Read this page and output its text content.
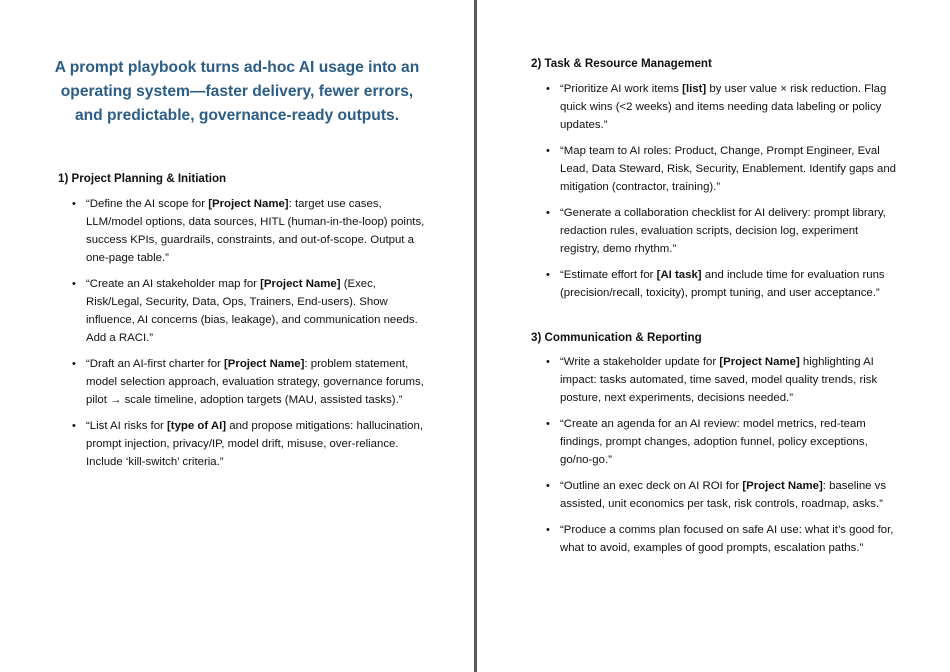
A prompt playbook turns ad-hoc AI usage into an operating system—faster delivery, fewer errors, and predictable, governance-ready outputs.
1) Project Planning & Initiation
• “Define the AI scope for [Project Name]: target use cases, LLM/model options, data sources, HITL (human-in-the-loop) points, success KPIs, guardrails, constraints, and out-of-scope. Output a one-page table.”
• “Create an AI stakeholder map for [Project Name] (Exec, Risk/Legal, Security, Data, Ops, Trainers, End-users). Show influence, AI concerns (bias, leakage), and communication needs. Add a RACI.”
• “Draft an AI-first charter for [Project Name]: problem statement, model selection approach, evaluation strategy, governance forums, pilot → scale timeline, adoption targets (MAU, assisted tasks).”
• “List AI risks for [type of AI] and propose mitigations: hallucination, prompt injection, privacy/IP, model drift, misuse, over-reliance. Include ‘kill-switch’ criteria.”
2) Task & Resource Management
• “Prioritize AI work items [list] by user value × risk reduction. Flag quick wins (<2 weeks) and items needing data labeling or policy updates.”
• “Map team to AI roles: Product, Change, Prompt Engineer, Eval Lead, Data Steward, Risk, Security, Enablement. Identify gaps and mitigation (contractor, training).”
• “Generate a collaboration checklist for AI delivery: prompt library, redaction rules, evaluation scripts, decision log, experiment registry, demo rhythm.”
• “Estimate effort for [AI task] and include time for evaluation runs (precision/recall, toxicity), prompt tuning, and user acceptance.”
3) Communication & Reporting
• “Write a stakeholder update for [Project Name] highlighting AI impact: tasks automated, time saved, model quality trends, risk posture, next experiments, decisions needed.”
• “Create an agenda for an AI review: model metrics, red-team findings, prompt changes, adoption funnel, policy exceptions, go/no-go.”
• “Outline an exec deck on AI ROI for [Project Name]: baseline vs assisted, unit economics per task, risk controls, roadmap, asks.”
• “Produce a comms plan focused on safe AI use: what it’s good for, what to avoid, examples of good prompts, escalation paths.”
